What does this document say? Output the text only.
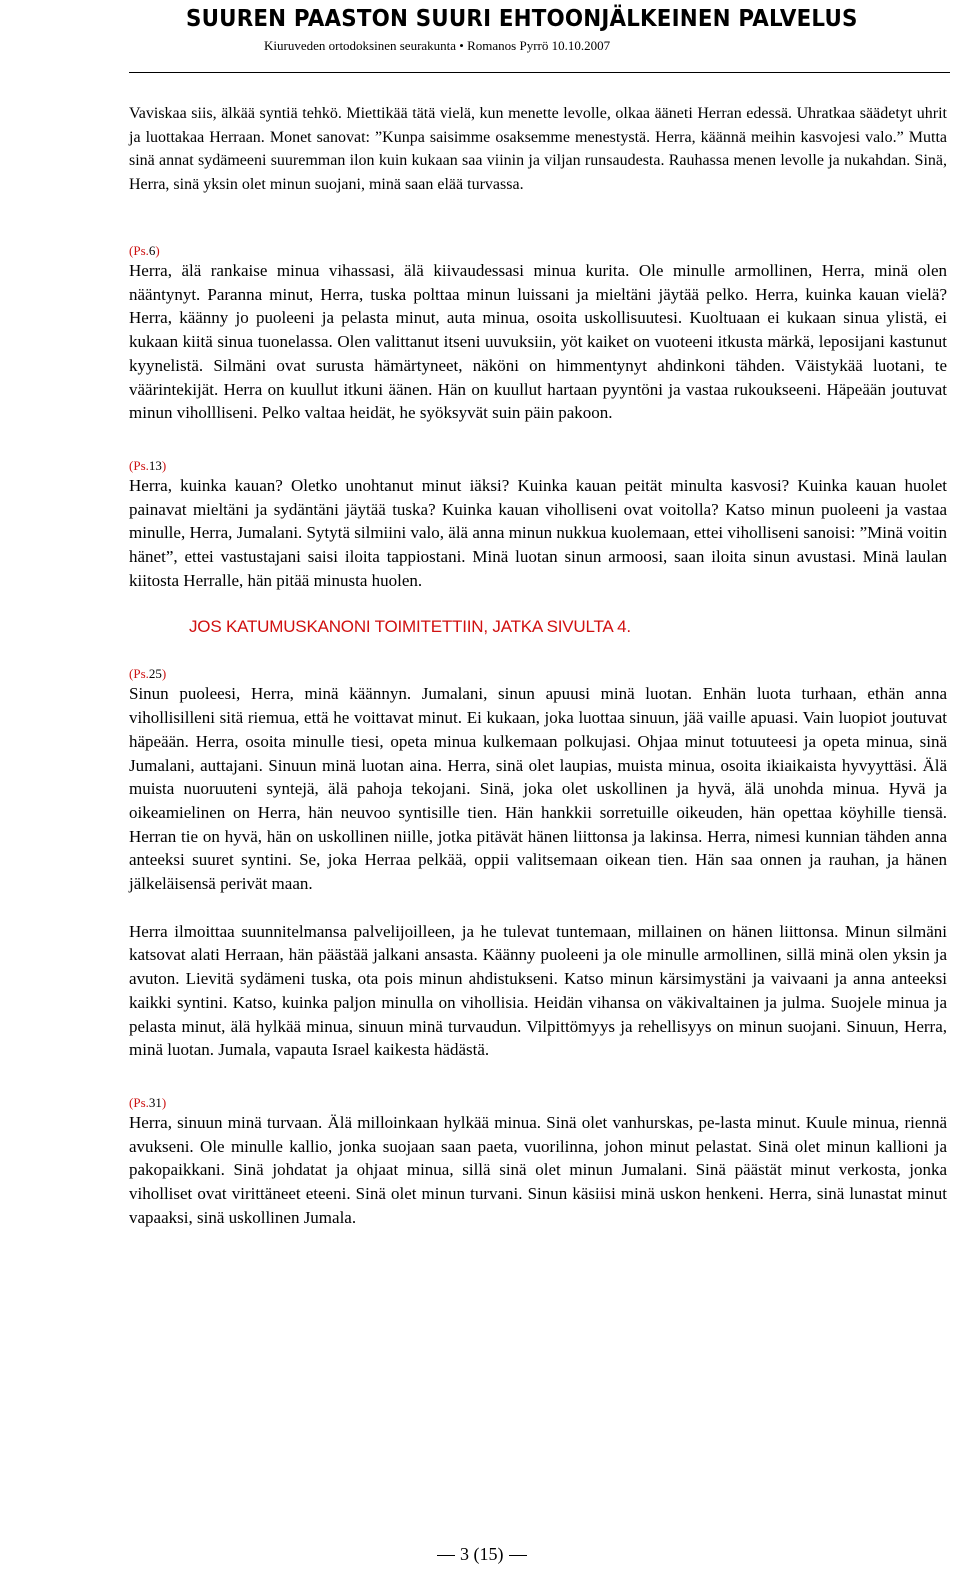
SUUREN PAASTON SUURI EHTOONJÄLKEINEN PALVELUS
Kiuruveden ortodoksinen seurakunta • Romanos Pyrrö 10.10.2007

Vaviskaa siis, älkää syntiä tehkö. Miettikää tätä vielä, kun menette levolle, olkaa ääneti Herran edessä. Uhratkaa säädetyt uhrit ja luottakaa Herraan. Monet sanovat: ”Kunpa saisimme osaksemme menestystä. Herra, käännä meihin kasvojesi valo.” Mutta sinä annat sydämeeni suuremman ilon kuin kukaan saa viinin ja viljan runsaudesta. Rauhassa menen levolle ja nukahdan. Sinä, Herra, sinä yksin olet minun suojani, minä saan elää turvassa.

(Ps.6)

Herra, älä rankaise minua vihassasi, älä kiivaudessasi minua kurita. Ole minulle armollinen, Herra, minä olen nääntynyt. Paranna minut, Herra, tuska polttaa minun luissani ja mieltäni jäytää pelko. Herra, kuinka kauan vielä? Herra, käänny jo puoleeni ja pelasta minut, auta minua, osoita uskollisuutesi. Kuoltuaan ei kukaan sinua ylistä, ei kukaan kiitä sinua tuonelassa. Olen valittanut itseni uuvuksiin, yöt kaiket on vuoteeni itkusta märkä, leposijani kastunut kyynelistä. Silmäni ovat surusta hämärtyneet, näköni on himmentynyt ahdinkoni tähden. Väistykää luotani, te väärintekijät. Herra on kuullut itkuni äänen. Hän on kuullut hartaan pyyntöni ja vastaa rukoukseeni. Häpeään joutuvat minun vihollliseni. Pelko valtaa heidät, he syöksyvät suin päin pakoon.

(Ps.13)

Herra, kuinka kauan? Oletko unohtanut minut iäksi? Kuinka kauan peität minulta kasvosi? Kuinka kauan huolet painavat mieltäni ja sydäntäni jäytää tuska? Kuinka kauan viholliseni ovat voitolla? Katso minun puoleeni ja vastaa minulle, Herra, Jumalani. Sytytä silmiini valo, älä anna minun nukkua kuolemaan, ettei viholliseni sanoisi: ”Minä voitin hänet”, ettei vastustajani saisi iloita tappiostani. Minä luotan sinun armoosi, saan iloita sinun avustasi. Minä laulan kiitosta Herralle, hän pitää minusta huolen.

JOS KATUMUSKANONI TOIMITETTIIN, JATKA SIVULTA 4.

(Ps.25)

Sinun puoleesi, Herra, minä käännyn. Jumalani, sinun apuusi minä luotan. Enhän luota turhaan, ethän anna vihollisilleni sitä riemua, että he voittavat minut. Ei kukaan, joka luottaa sinuun, jää vaille apuasi. Vain luopiot joutuvat häpeään. Herra, osoita minulle tiesi, opeta minua kulkemaan polkujasi. Ohjaa minut totuuteesi ja opeta minua, sinä Jumalani, auttajani. Sinuun minä luotan aina. Herra, sinä olet laupias, muista minua, osoita ikiaikaista hyvyyttäsi. Älä muista nuoruuteni syntejä, älä pahoja tekojani. Sinä, joka olet uskollinen ja hyvä, älä unohda minua. Hyvä ja oikeamielinen on Herra, hän neuvoo syntisille tien. Hän hankkii sorretuille oikeuden, hän opettaa köyhille tiensä. Herran tie on hyvä, hän on uskollinen niille, jotka pitävät hänen liittonsa ja lakinsa. Herra, nimesi kunnian tähden anna anteeksi suuret syntini. Se, joka Herraa pelkää, oppii valitsemaan oikean tien. Hän saa onnen ja rauhan, ja hänen jälkeläisensä perivät maan.

Herra ilmoittaa suunnitelmansa palvelijoilleen, ja he tulevat tuntemaan, millainen on hänen liittonsa. Minun silmäni katsovat alati Herraan, hän päästää jalkani ansasta. Käänny puoleeni ja ole minulle armollinen, sillä minä olen yksin ja avuton. Lievitä sydämeni tuska, ota pois minun ahdistukseni. Katso minun kärsimystäni ja vaivaani ja anna anteeksi kaikki syntini. Katso, kuinka paljon minulla on vihollisia. Heidän vihansa on väkivaltainen ja julma. Suojele minua ja pelasta minut, älä hylkää minua, sinuun minä turvaudun. Vilpittömyys ja rehellisyys on minun suojani. Sinuun, Herra, minä luotan. Jumala, vapauta Israel kaikesta hädästä.

(Ps.31)

Herra, sinuun minä turvaan. Älä milloinkaan hylkää minua. Sinä olet vanhurskas, pe-lasta minut. Kuule minua, riennä avukseni. Ole minulle kallio, jonka suojaan saan paeta, vuorilinna, johon minut pelastat. Sinä olet minun kallioni ja pakopaikkani. Sinä johdatat ja ohjaat minua, sillä sinä olet minun Jumalani. Sinä päästät minut verkosta, jonka viholliset ovat virittäneet eteeni. Sinä olet minun turvani. Sinun käsiisi minä uskon henkeni. Herra, sinä lunastat minut vapaaksi, sinä uskollinen Jumala.

3 (15)
